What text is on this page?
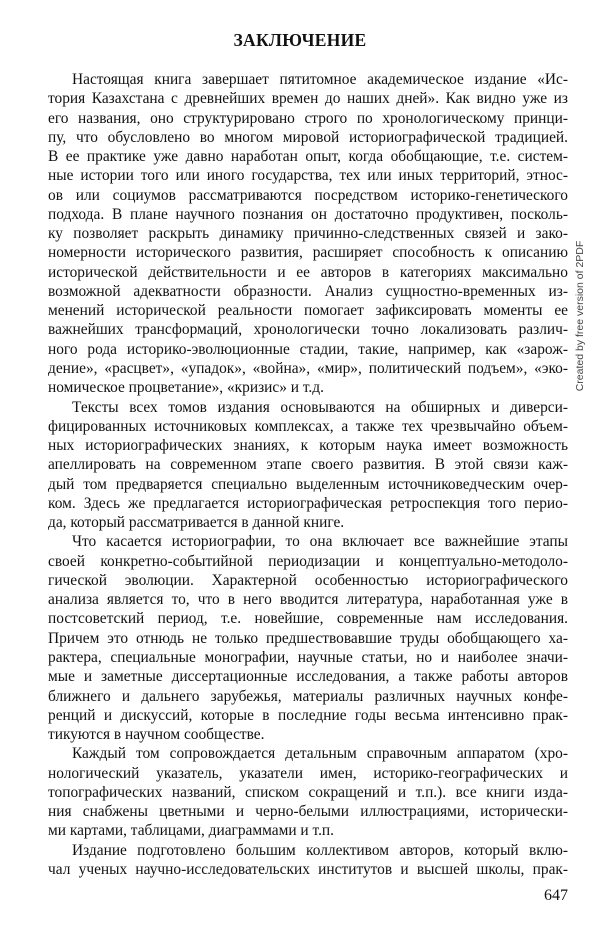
ЗАКЛЮЧЕНИЕ
Настоящая книга завершает пятитомное академическое издание «Ис-
тория Казахстана с древнейших времен до наших дней». Как видно уже из
его названия, оно структурировано строго по хронологическому принци-
пу, что обусловлено во многом мировой историографической традицией.
В ее практике уже давно наработан опыт, когда обобщающие, т.е. систем-
ные истории того или иного государства, тех или иных территорий, этнос-
ов или социумов рассматриваются посредством историко-генетического
подхода. В плане научного познания он достаточно продуктивен, посколь-
ку позволяет раскрыть динамику причинно-следственных связей и зако-
номерности исторического развития, расширяет способность к описанию
исторической действительности и ее авторов в категориях максимально
возможной адекватности образности. Анализ сущностно-временных из-
менений исторической реальности помогает зафиксировать моменты ее
важнейших трансформаций, хронологически точно локализовать различ-
ного рода историко-эволюционные стадии, такие, например, как «зарож-
дение», «расцвет», «упадок», «война», «мир», политический подъем», «эко-
номическое процветание», «кризис» и т.д.
Тексты всех томов издания основываются на обширных и диверси-
фицированных источниковых комплексах, а также тех чрезвычайно объем-
ных историографических знаниях, к которым наука имеет возможность
апеллировать на современном этапе своего развития. В этой связи каж-
дый том предваряется специально выделенным источниковедческим очер-
ком. Здесь же предлагается историографическая ретроспекция того перио-
да, который рассматривается в данной книге.
Что касается историографии, то она включает все важнейшие этапы
своей конкретно-событийной периодизации и концептуально-методоло-
гической эволюции. Характерной особенностью историографического
анализа является то, что в него вводится литература, наработанная уже в
постсоветский период, т.е. новейшие, современные нам исследования.
Причем это отнюдь не только предшествовавшие труды обобщающего ха-
рактера, специальные монографии, научные статьи, но и наиболее значи-
мые и заметные диссертационные исследования, а также работы авторов
ближнего и дальнего зарубежья, материалы различных научных конфе-
ренций и дискуссий, которые в последние годы весьма интенсивно прак-
тикуются в научном сообществе.
Каждый том сопровождается детальным справочным аппаратом (хро-
нологический указатель, указатели имен, историко-географических и
топографических названий, списком сокращений и т.п.). все книги изда-
ния снабжены цветными и черно-белыми иллюстрациями, исторически-
ми картами, таблицами, диаграммами и т.п.
Издание подготовлено большим коллективом авторов, который вклю-
чал ученых научно-исследовательских институтов и высшей школы, прак-
Created by free version of 2PDF
647
